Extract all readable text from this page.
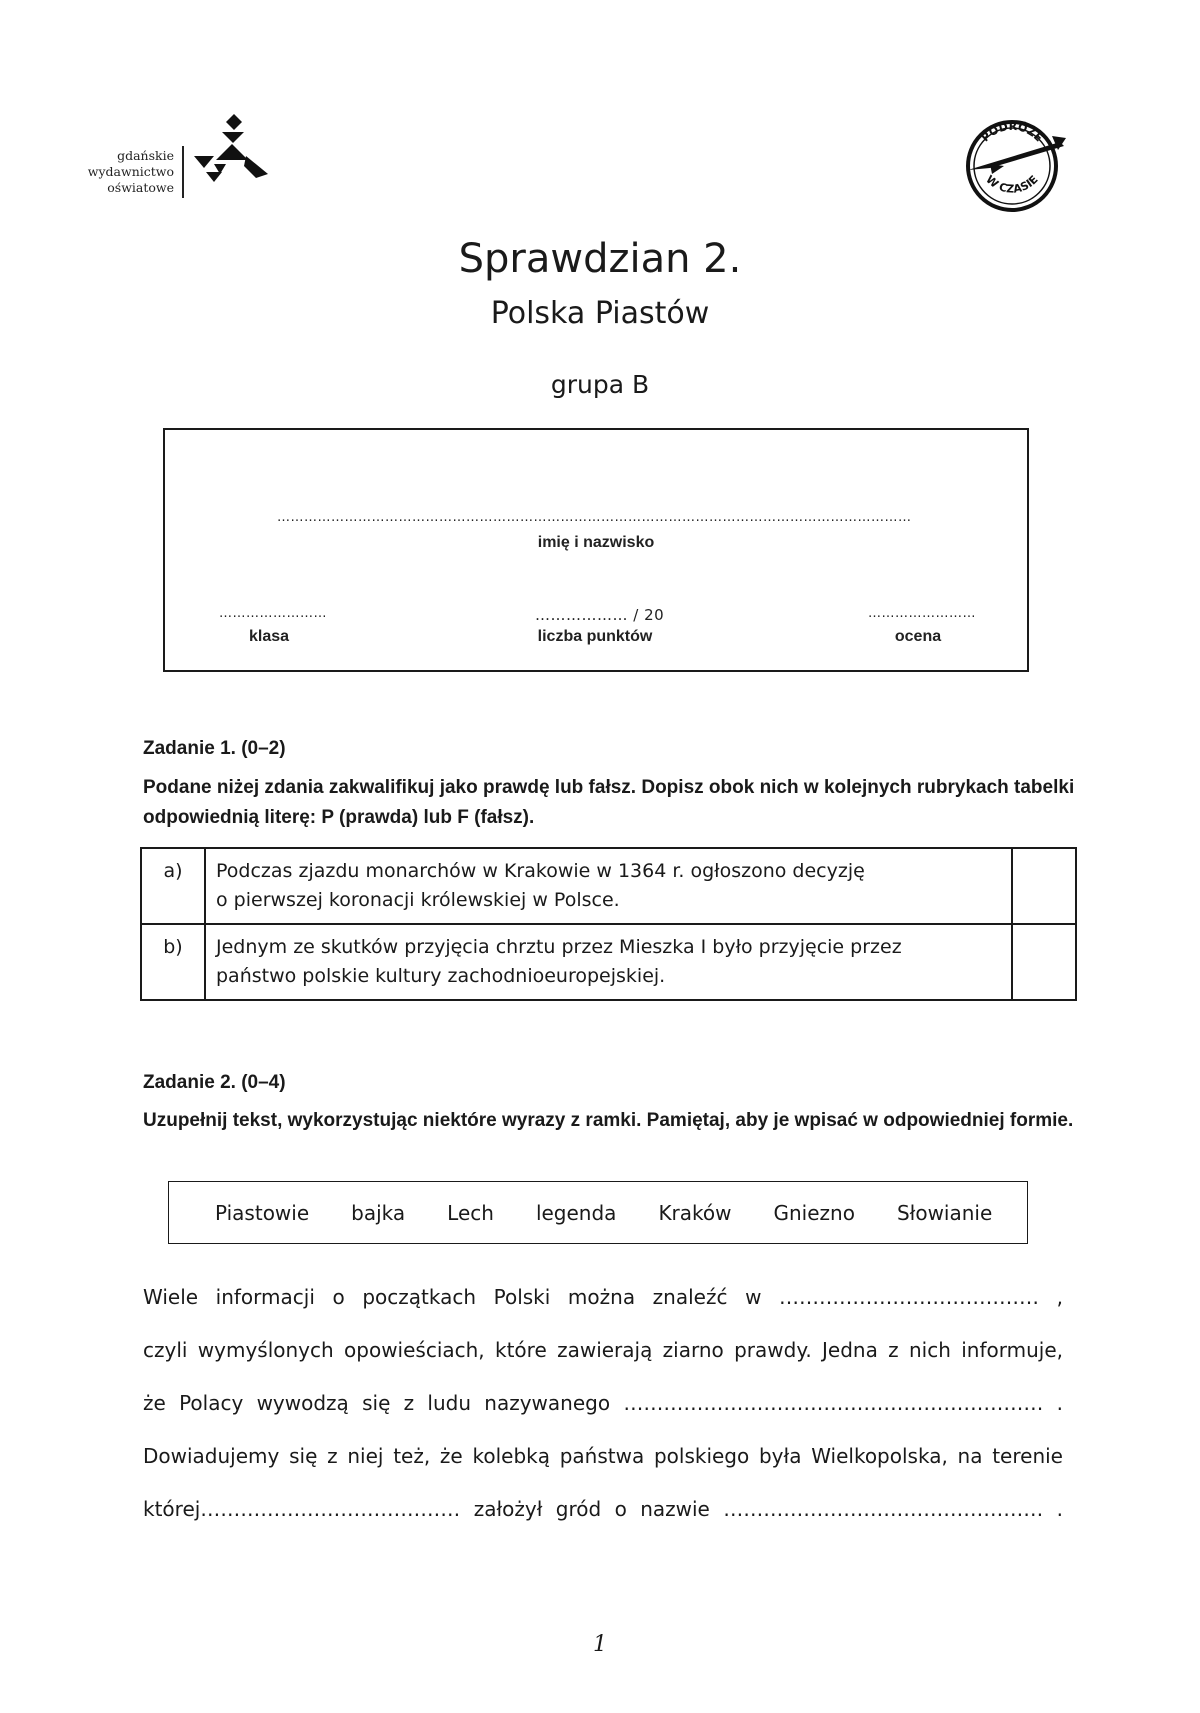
gdańskie
wydawnictwo
oświatowe
PODRÓŻE
W CZASIE
Sprawdzian 2.
Polska Piastów
grupa B
……………………………………………………………………………………………………………………………
imię i nazwisko
……………………
klasa
……………… / 20
liczba punktów
……………………
ocena
Zadanie 1. (0–2)
Podane niżej zdania zakwalifikuj jako prawdę lub fałsz. Dopisz obok nich w kolejnych rubrykach tabelki odpowiednią literę: P (prawda) lub F (fałsz).
a)	Podczas zjazdu monarchów w Krakowie w 1364 r. ogłoszono decyzję
o pierwszej koronacji królewskiej w Polsce.	

b)	Jednym ze skutków przyjęcia chrztu przez Mieszka I było przyjęcie przez
państwo polskie kultury zachodnioeuropejskiej.	

Zadanie 2. (0–4)
Uzupełnij tekst, wykorzystując niektóre wyrazy z ramki. Pamiętaj, aby je wpisać w odpowiedniej formie.
Piastowie bajka Lech legenda Kraków Gniezno Słowianie
Wiele informacji o początkach Polski można znaleźć w ………………………………… ,
czyli wymyślonych opowieściach, które zawierają ziarno prawdy. Jedna z nich informuje,
że Polacy wywodzą się z ludu nazywanego ……………………………………………………… .
Dowiadujemy się z niej też, że kolebką państwa polskiego była Wielkopolska, na terenie
której………………………………… założył gród o nazwie ………………………………………… .
1
